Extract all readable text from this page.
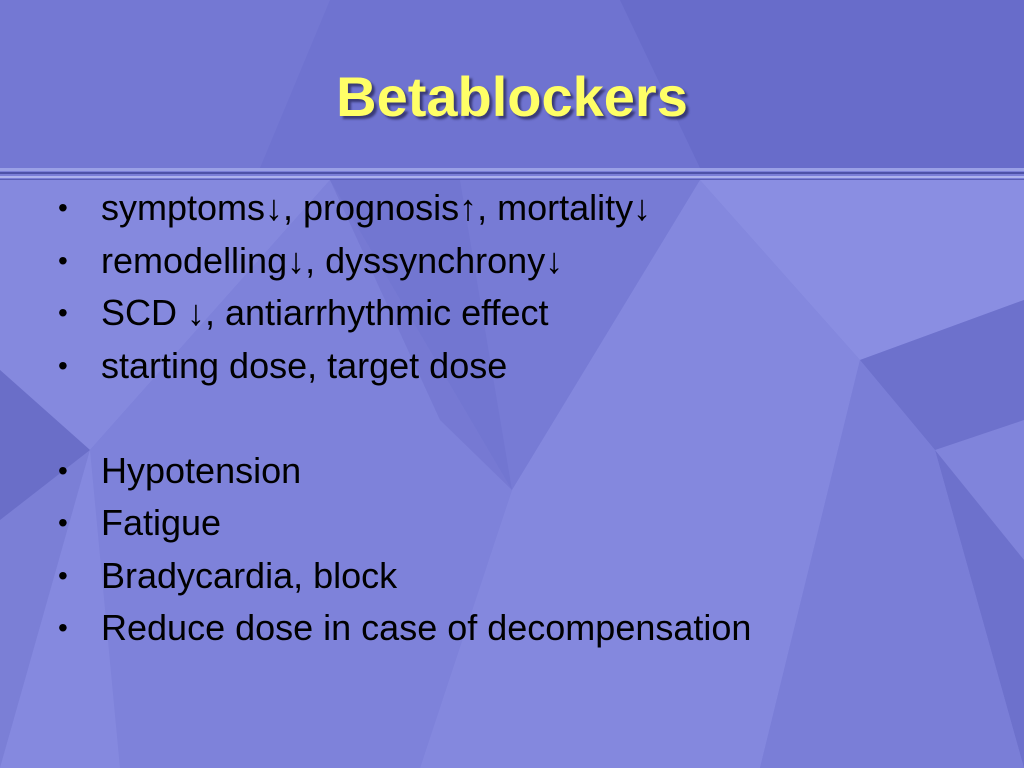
Betablockers
• symptoms↓, prognosis↑, mortality↓
• remodelling↓, dyssynchrony↓
• SCD ↓, antiarrhythmic effect
• starting dose, target dose
• Hypotension
• Fatigue
• Bradycardia, block
• Reduce dose in case of decompensation
